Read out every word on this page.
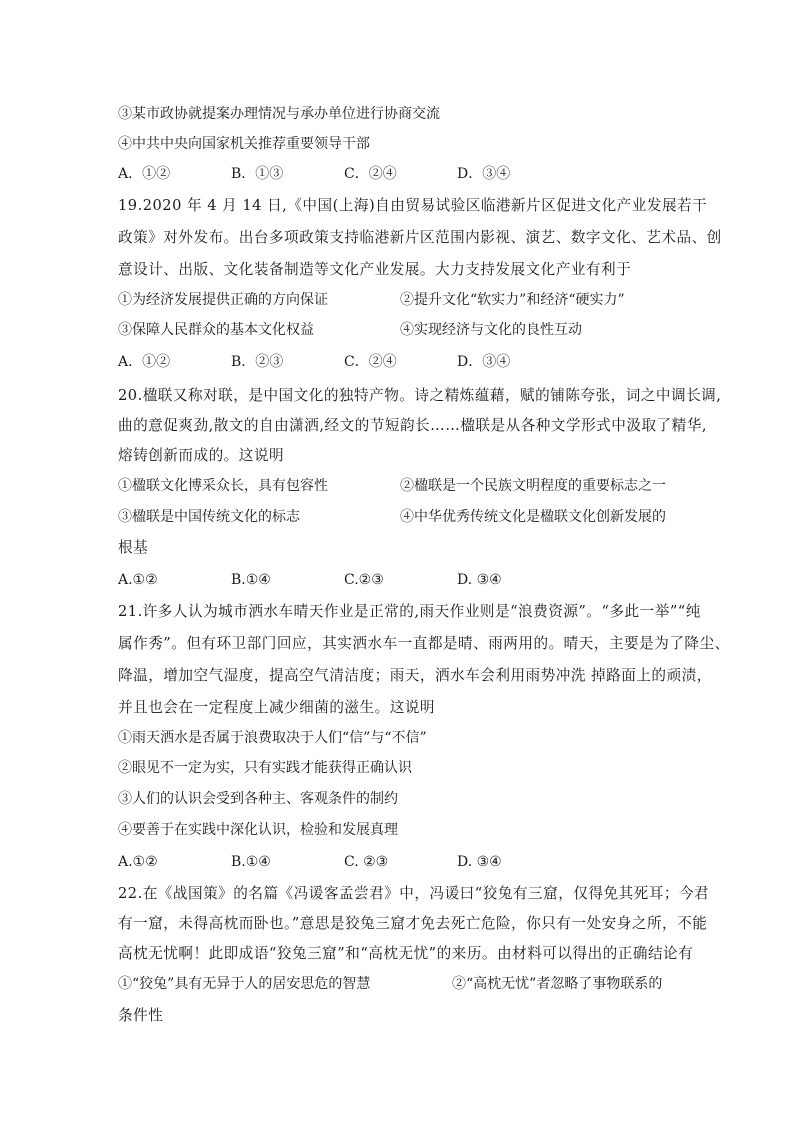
③某市政协就提案办理情况与承办单位进行协商交流
④中共中央向国家机关推荐重要领导干部
A．①②	B．①③	C．②④	D．③④
19.2020 年 4 月 14 日,《中国(上海)自由贸易试验区临港新片区促进文化产业发展若干
政策》对外发布。出台多项政策支持临港新片区范围内影视、演艺、数字文化、艺术品、创
意设计、出版、文化装备制造等文化产业发展。大力支持发展文化产业有利于
①为经济发展提供正确的方向保证	②提升文化“软实力”和经济“硬实力”
③保障人民群众的基本文化权益	④实现经济与文化的良性互动
A．①②	B．②③	C．②④	D．③④
20.楹联又称对联，是中国文化的独特产物。诗之精炼蕴藉，赋的铺陈夸张，词之中调长调,
曲的意促爽劲,散文的自由潇洒,经文的节短韵长……楹联是从各种文学形式中汲取了精华,
熔铸创新而成的。这说明
①楹联文化博采众长，具有包容性	②楹联是一个民族文明程度的重要标志之一
③楹联是中国传统文化的标志	④中华优秀传统文化是楹联文化创新发展的
根基
A.①②	B.①④	C.②③	D. ③④
21.许多人认为城市洒水车晴天作业是正常的,雨天作业则是“浪费资源”。“多此一举”“纯
属作秀”。但有环卫部门回应，其实洒水车一直都是晴、雨两用的。晴天，主要是为了降尘、
降温，增加空气湿度，提高空气清洁度；雨天，洒水车会利用雨势冲洗 掉路面上的顽渍，
并且也会在一定程度上减少细菌的滋生。这说明
①雨天洒水是否属于浪费取决于人们“信”与“不信”
②眼见不一定为实，只有实践才能获得正确认识
③人们的认识会受到各种主、客观条件的制约
④要善于在实践中深化认识，检验和发展真理
A.①②	B.①④	C. ②③	D. ③④
22.在《战国策》的名篇《冯谖客孟尝君》中，冯谖曰“狡兔有三窟，仅得免其死耳；今君
有一窟，未得高枕而卧也。”意思是狡兔三窟才免去死亡危险，你只有一处安身之所，不能
高枕无忧啊！此即成语“狡兔三窟”和“高枕无忧”的来历。由材料可以得出的正确结论有
①“狡兔”具有无异于人的居安思危的智慧	②“高枕无忧”者忽略了事物联系的
条件性
